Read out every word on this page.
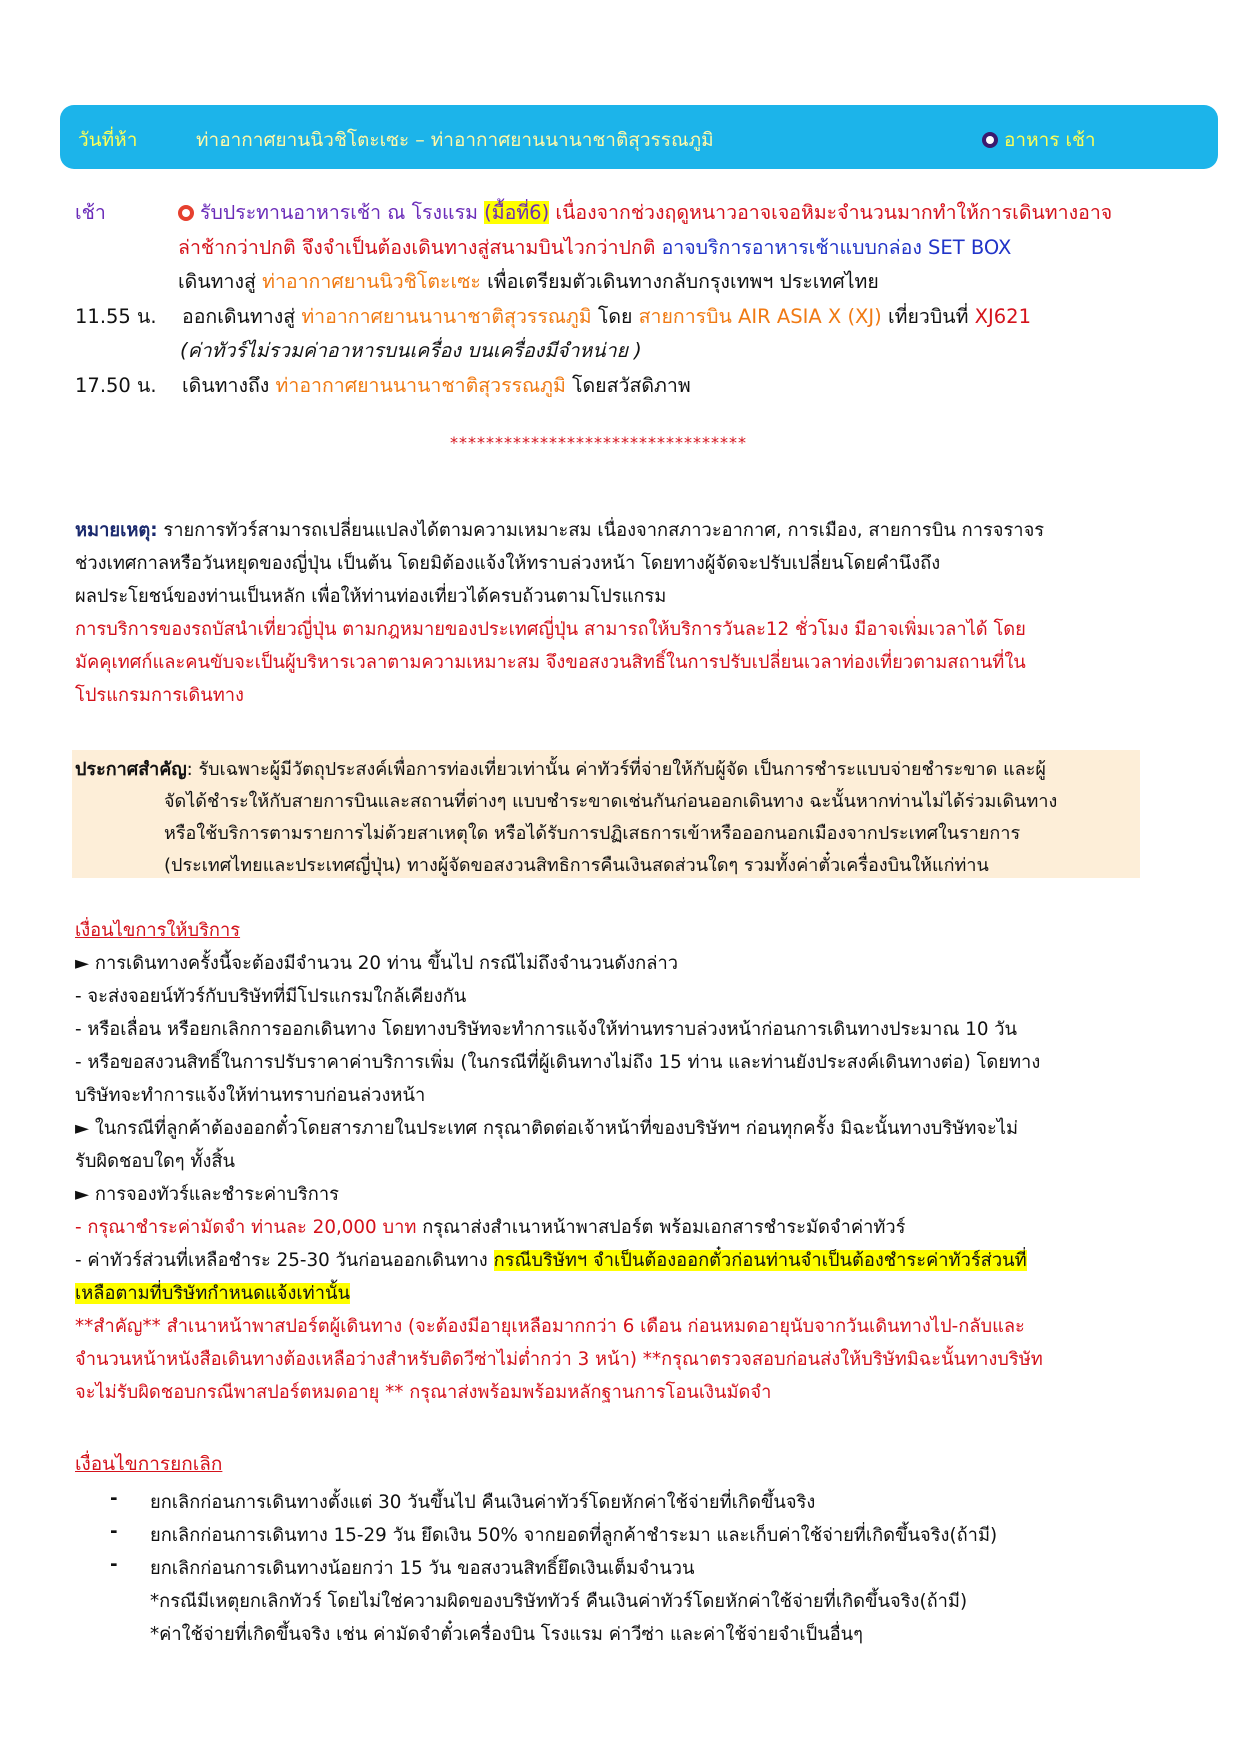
วันที่ห้า	ท่าอากาศยานนิวชิโตะเซะ – ท่าอากาศยานนานาชาติสุวรรณภูมิ	อาหาร เช้า
เช้า	รับประทานอาหารเช้า ณ โรงแรม (มื้อที่6) เนื่องจากช่วงฤดูหนาวอาจเจอหิมะจำนวนมากทำให้การเดินทางอาจ
ล่าช้ากว่าปกติ จึงจำเป็นต้องเดินทางสู่สนามบินไวกว่าปกติ อาจบริการอาหารเช้าแบบกล่อง SET BOX
เดินทางสู่ ท่าอากาศยานนิวชิโตะเซะ เพื่อเตรียมตัวเดินทางกลับกรุงเทพฯ ประเทศไทย
11.55 น. ออกเดินทางสู่ ท่าอากาศยานนานาชาติสุวรรณภูมิ โดย สายการบิน AIR ASIA X (XJ) เที่ยวบินที่ XJ621
(ค่าทัวร์ไม่รวมค่าอาหารบนเครื่อง บนเครื่องมีจำหน่าย )
17.50 น. เดินทางถึง ท่าอากาศยานนานาชาติสุวรรณภูมิ โดยสวัสดิภาพ
*********************************

หมายเหตุ: รายการทัวร์สามารถเปลี่ยนแปลงได้ตามความเหมาะสม เนื่องจากสภาวะอากาศ, การเมือง, สายการบิน การจราจร

ช่วงเทศกาลหรือวันหยุดของญี่ปุ่น เป็นต้น โดยมิต้องแจ้งให้ทราบล่วงหน้า โดยทางผู้จัดจะปรับเปลี่ยนโดยคำนึงถึง

ผลประโยชน์ของท่านเป็นหลัก เพื่อให้ท่านท่องเที่ยวได้ครบถ้วนตามโปรแกรม

การบริการของรถบัสนำเที่ยวญี่ปุ่น ตามกฎหมายของประเทศญี่ปุ่น สามารถให้บริการวันละ12 ชั่วโมง มีอาจเพิ่มเวลาได้ โดย

มัคคุเทศก์และคนขับจะเป็นผู้บริหารเวลาตามความเหมาะสม จึงขอสงวนสิทธิ์ในการปรับเปลี่ยนเวลาท่องเที่ยวตามสถานที่ใน

โปรแกรมการเดินทาง

ประกาศสำคัญ: รับเฉพาะผู้มีวัตถุประสงค์เพื่อการท่องเที่ยวเท่านั้น ค่าทัวร์ที่จ่ายให้กับผู้จัด เป็นการชำระแบบจ่ายชำระขาด และผู้
จัดได้ชำระให้กับสายการบินและสถานที่ต่างๆ แบบชำระขาดเช่นกันก่อนออกเดินทาง ฉะนั้นหากท่านไม่ได้ร่วมเดินทาง
หรือใช้บริการตามรายการไม่ด้วยสาเหตุใด หรือได้รับการปฏิเสธการเข้าหรือออกนอกเมืองจากประเทศในรายการ
(ประเทศไทยและประเทศญี่ปุ่น) ทางผู้จัดขอสงวนสิทธิการคืนเงินสดส่วนใดๆ รวมทั้งค่าตั๋วเครื่องบินให้แก่ท่าน

เงื่อนไขการให้บริการ

► การเดินทางครั้งนี้จะต้องมีจำนวน 20 ท่าน ขึ้นไป กรณีไม่ถึงจำนวนดังกล่าว

- จะส่งจอยน์ทัวร์กับบริษัทที่มีโปรแกรมใกล้เคียงกัน

- หรือเลื่อน หรือยกเลิกการออกเดินทาง โดยทางบริษัทจะทำการแจ้งให้ท่านทราบล่วงหน้าก่อนการเดินทางประมาณ 10 วัน

- หรือขอสงวนสิทธิ์ในการปรับราคาค่าบริการเพิ่ม (ในกรณีที่ผู้เดินทางไม่ถึง 15 ท่าน และท่านยังประสงค์เดินทางต่อ) โดยทาง

บริษัทจะทำการแจ้งให้ท่านทราบก่อนล่วงหน้า

► ในกรณีที่ลูกค้าต้องออกตั๋วโดยสารภายในประเทศ กรุณาติดต่อเจ้าหน้าที่ของบริษัทฯ ก่อนทุกครั้ง มิฉะนั้นทางบริษัทจะไม่

รับผิดชอบใดๆ ทั้งสิ้น

► การจองทัวร์และชำระค่าบริการ

- กรุณาชำระค่ามัดจำ ท่านละ 20,000 บาท กรุณาส่งสำเนาหน้าพาสปอร์ต พร้อมเอกสารชำระมัดจำค่าทัวร์

- ค่าทัวร์ส่วนที่เหลือชำระ 25-30 วันก่อนออกเดินทาง กรณีบริษัทฯ จำเป็นต้องออกตั๋วก่อนท่านจำเป็นต้องชำระค่าทัวร์ส่วนที่

เหลือตามที่บริษัทกำหนดแจ้งเท่านั้น

**สำคัญ** สำเนาหน้าพาสปอร์ตผู้เดินทาง (จะต้องมีอายุเหลือมากกว่า 6 เดือน ก่อนหมดอายุนับจากวันเดินทางไป-กลับและ

จำนวนหน้าหนังสือเดินทางต้องเหลือว่างสำหรับติดวีซ่าไม่ต่ำกว่า 3 หน้า) **กรุณาตรวจสอบก่อนส่งให้บริษัทมิฉะนั้นทางบริษัท

จะไม่รับผิดชอบกรณีพาสปอร์ตหมดอายุ ** กรุณาส่งพร้อมพร้อมหลักฐานการโอนเงินมัดจำ

เงื่อนไขการยกเลิก
- ยกเลิกก่อนการเดินทางตั้งแต่ 30 วันขึ้นไป คืนเงินค่าทัวร์โดยหักค่าใช้จ่ายที่เกิดขึ้นจริง
- ยกเลิกก่อนการเดินทาง 15-29 วัน ยึดเงิน 50% จากยอดที่ลูกค้าชำระมา และเก็บค่าใช้จ่ายที่เกิดขึ้นจริง(ถ้ามี)
- ยกเลิกก่อนการเดินทางน้อยกว่า 15 วัน ขอสงวนสิทธิ์ยึดเงินเต็มจำนวน
*กรณีมีเหตุยกเลิกทัวร์ โดยไม่ใช่ความผิดของบริษัททัวร์ คืนเงินค่าทัวร์โดยหักค่าใช้จ่ายที่เกิดขึ้นจริง(ถ้ามี)
*ค่าใช้จ่ายที่เกิดขึ้นจริง เช่น ค่ามัดจำตั๋วเครื่องบิน โรงแรม ค่าวีซ่า และค่าใช้จ่ายจำเป็นอื่นๆ
